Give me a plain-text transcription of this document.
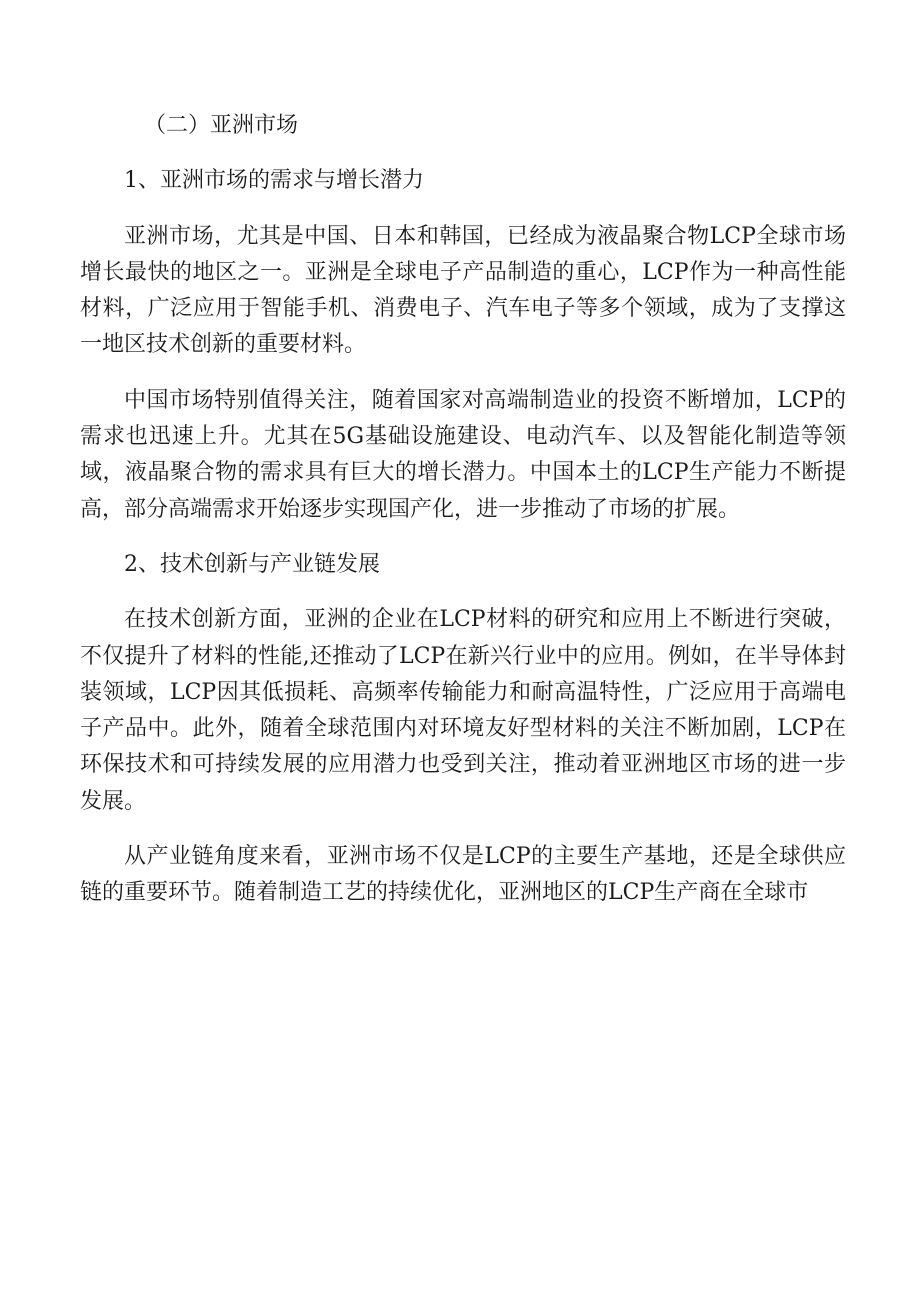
（二）亚洲市场
1、亚洲市场的需求与增长潜力
亚洲市场，尤其是中国、日本和韩国，已经成为液晶聚合物LCP全球市场增长最快的地区之一。亚洲是全球电子产品制造的重心，LCP作为一种高性能材料，广泛应用于智能手机、消费电子、汽车电子等多个领域，成为了支撑这一地区技术创新的重要材料。
中国市场特别值得关注，随着国家对高端制造业的投资不断增加，LCP的需求也迅速上升。尤其在5G基础设施建设、电动汽车、以及智能化制造等领域，液晶聚合物的需求具有巨大的增长潜力。中国本土的LCP生产能力不断提高，部分高端需求开始逐步实现国产化，进一步推动了市场的扩展。
2、技术创新与产业链发展
在技术创新方面，亚洲的企业在LCP材料的研究和应用上不断进行突破，不仅提升了材料的性能,还推动了LCP在新兴行业中的应用。例如，在半导体封装领域，LCP因其低损耗、高频率传输能力和耐高温特性，广泛应用于高端电子产品中。此外，随着全球范围内对环境友好型材料的关注不断加剧，LCP在环保技术和可持续发展的应用潜力也受到关注，推动着亚洲地区市场的进一步发展。
从产业链角度来看，亚洲市场不仅是LCP的主要生产基地，还是全球供应链的重要环节。随着制造工艺的持续优化，亚洲地区的LCP生产商在全球市
